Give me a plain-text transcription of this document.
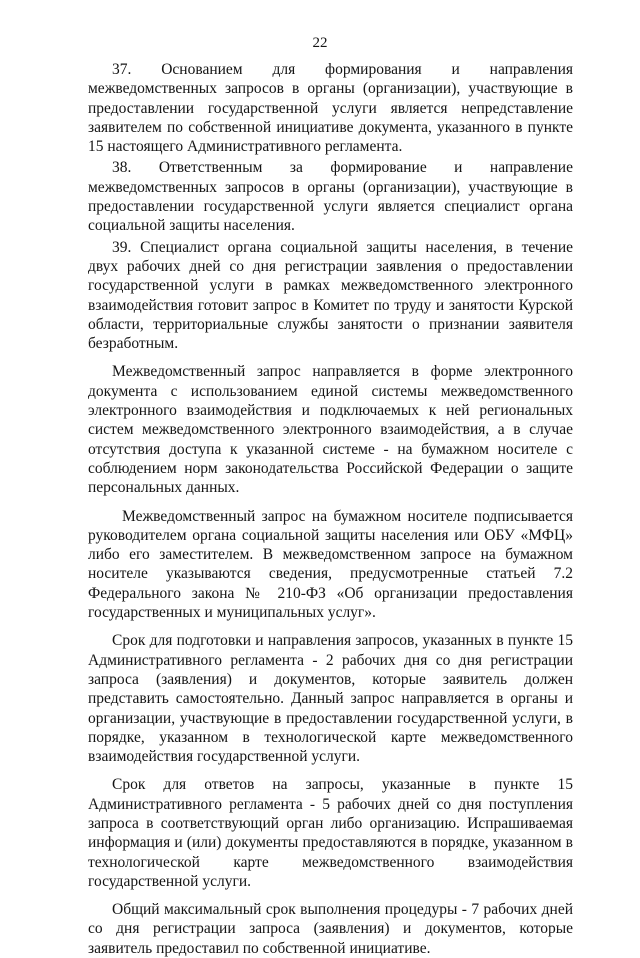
22

37. Основанием для формирования и направления межведомственных запросов в органы (организации), участвующие в предоставлении государственной услуги является непредставление заявителем по собственной инициативе документа, указанного в пункте 15 настоящего Административного регламента.

38. Ответственным за формирование и направление межведомственных запросов в органы (организации), участвующие в предоставлении государственной услуги является специалист органа социальной защиты населения.

39. Специалист органа социальной защиты населения, в течение двух рабочих дней со дня регистрации заявления о предоставлении государственной услуги в рамках межведомственного электронного взаимодействия готовит запрос в Комитет по труду и занятости Курской области, территориальные службы занятости о признании заявителя безработным.

Межведомственный запрос направляется в форме электронного документа с использованием единой системы межведомственного электронного взаимодействия и подключаемых к ней региональных систем межведомственного электронного взаимодействия, а в случае отсутствия доступа к указанной системе - на бумажном носителе с соблюдением норм законодательства Российской Федерации о защите персональных данных.

Межведомственный запрос на бумажном носителе подписывается руководителем органа социальной защиты населения или ОБУ «МФЦ» либо его заместителем. В межведомственном запросе на бумажном носителе указываются сведения, предусмотренные статьей 7.2 Федерального закона № 210-ФЗ «Об организации предоставления государственных и муниципальных услуг».

Срок для подготовки и направления запросов, указанных в пункте 15 Административного регламента - 2 рабочих дня со дня регистрации запроса (заявления) и документов, которые заявитель должен представить самостоятельно. Данный запрос направляется в органы и организации, участвующие в предоставлении государственной услуги, в порядке, указанном в технологической карте межведомственного взаимодействия государственной услуги.

Срок для ответов на запросы, указанные в пункте 15 Административного регламента - 5 рабочих дней со дня поступления запроса в соответствующий орган либо организацию. Испрашиваемая информация и (или) документы предоставляются в порядке, указанном в технологической карте межведомственного взаимодействия государственной услуги.

Общий максимальный срок выполнения процедуры - 7 рабочих дней со дня регистрации запроса (заявления) и документов, которые заявитель предоставил по собственной инициативе.
